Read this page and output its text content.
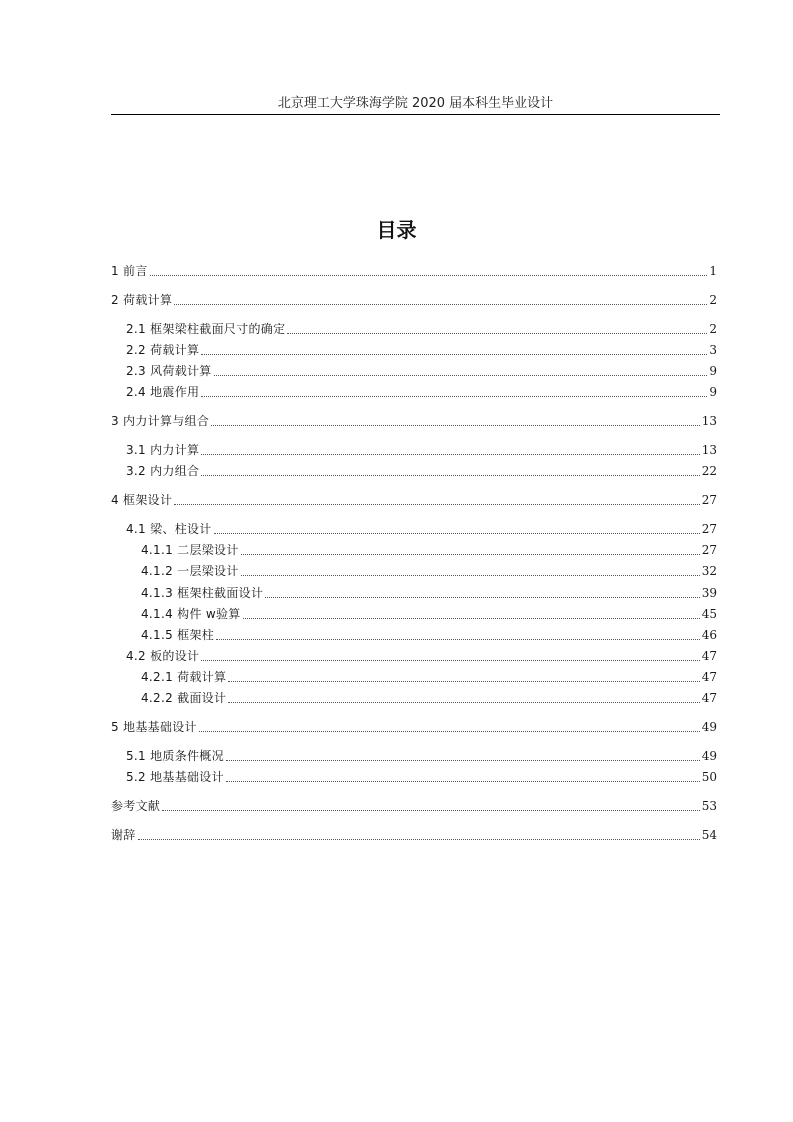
北京理工大学珠海学院 2020 届本科生毕业设计
目录
1 前言	1
2 荷载计算	2
2.1 框架梁柱截面尺寸的确定	2
2.2 荷载计算	3
2.3 风荷载计算	9
2.4 地震作用	9
3 内力计算与组合	13
3.1 内力计算	13
3.2 内力组合	22
4 框架设计	27
4.1 梁、柱设计	27
4.1.1 二层梁设计	27
4.1.2 一层梁设计	32
4.1.3 框架柱截面设计	39
4.1.4 构件 w验算	45
4.1.5 框架柱	46
4.2 板的设计	47
4.2.1 荷载计算	47
4.2.2 截面设计	47
5 地基基础设计	49
5.1 地质条件概况	49
5.2 地基基础设计	50
参考文献	53
谢辞	54
